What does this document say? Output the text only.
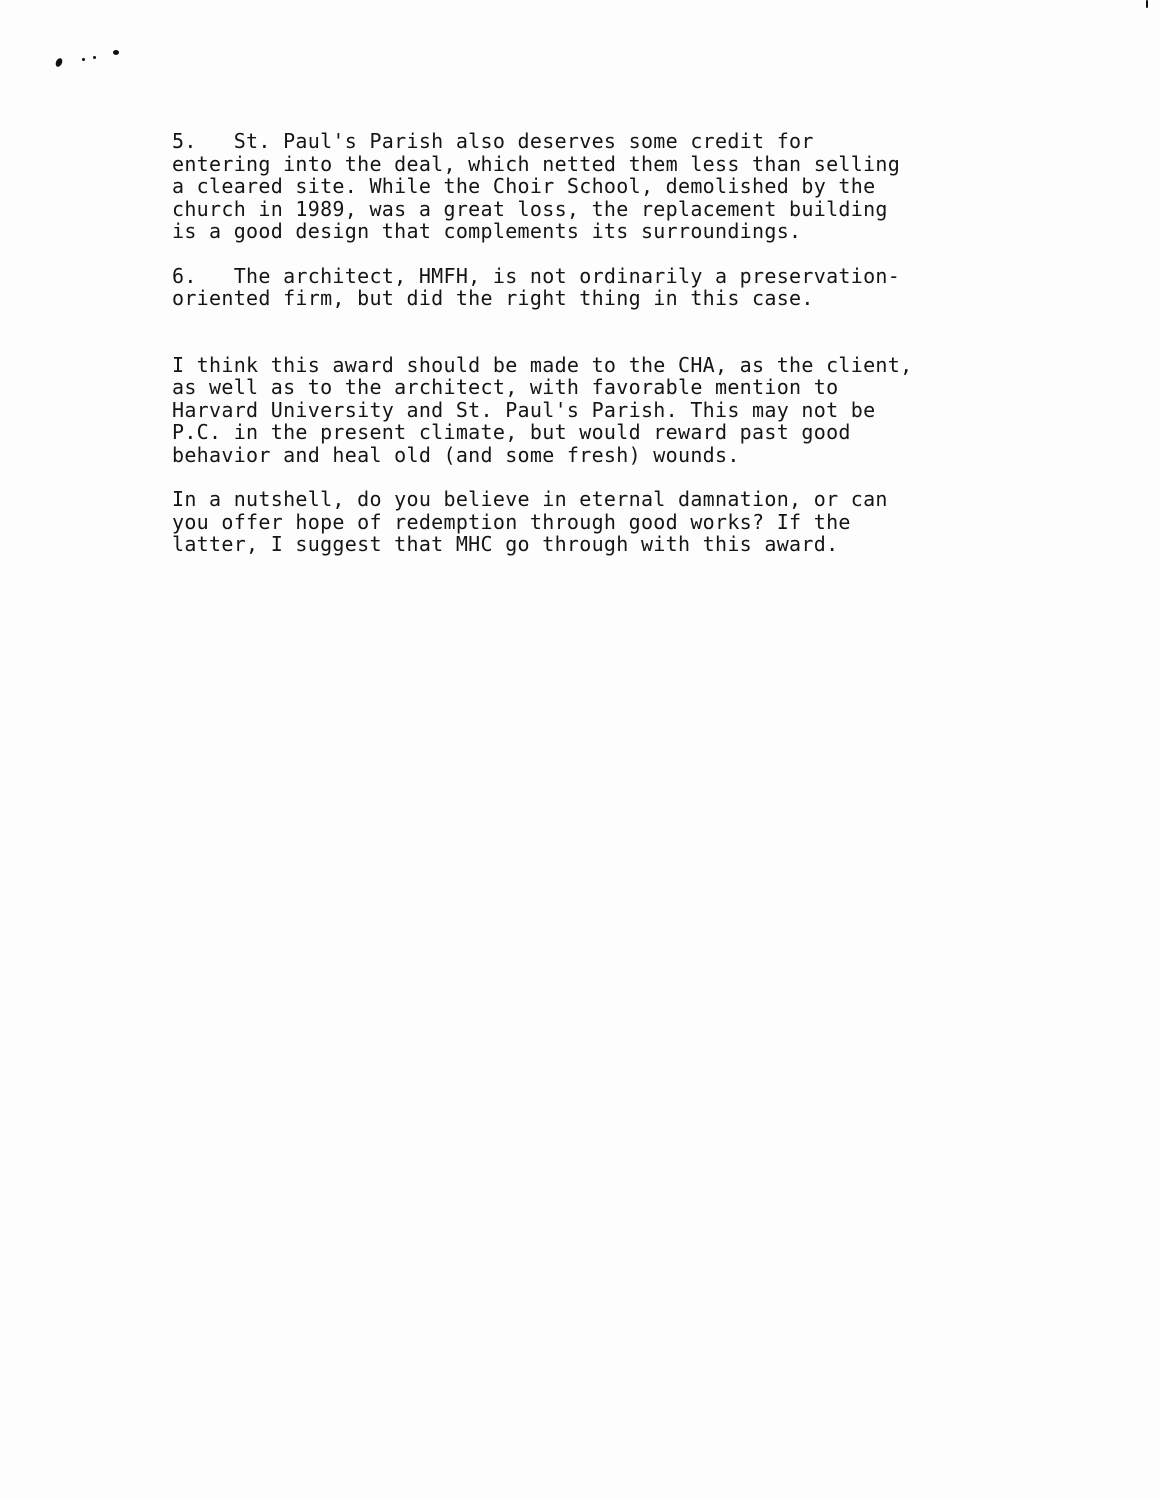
5.   St. Paul's Parish also deserves some credit for
entering into the deal, which netted them less than selling
a cleared site. While the Choir School, demolished by the
church in 1989, was a great loss, the replacement building
is a good design that complements its surroundings.

6.   The architect, HMFH, is not ordinarily a preservation-
oriented firm, but did the right thing in this case.

I think this award should be made to the CHA, as the client,
as well as to the architect, with favorable mention to
Harvard University and St. Paul's Parish. This may not be
P.C. in the present climate, but would reward past good
behavior and heal old (and some fresh) wounds.

In a nutshell, do you believe in eternal damnation, or can
you offer hope of redemption through good works? If the
latter, I suggest that MHC go through with this award.
